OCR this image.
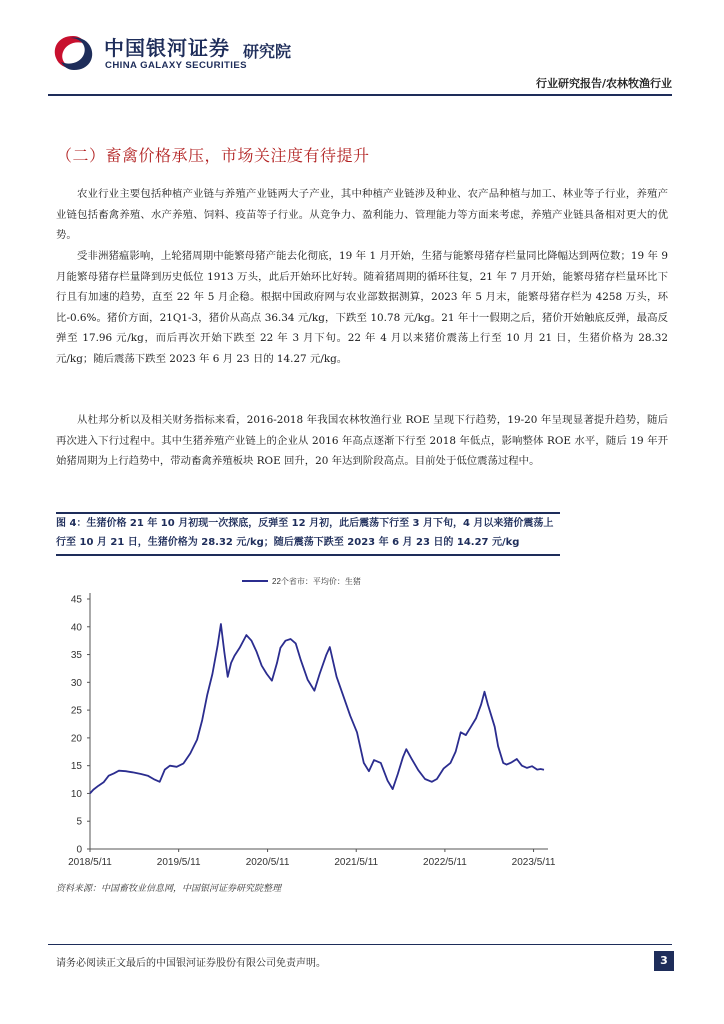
中国银河证券
CHINA GALAXY SECURITIES
研究院
行业研究报告/农林牧渔行业
（二）畜禽价格承压，市场关注度有待提升

农业行业主要包括种植产业链与养殖产业链两大子产业，其中种植产业链涉及种业、农产品种植与加工、林业等子行业，养殖产业链包括畜禽养殖、水产养殖、饲料、疫苗等子行业。从竞争力、盈利能力、管理能力等方面来考虑，养殖产业链具备相对更大的优势。

受非洲猪瘟影响，上轮猪周期中能繁母猪产能去化彻底，19 年 1 月开始，生猪与能繁母猪存栏量同比降幅达到两位数；19 年 9 月能繁母猪存栏量降到历史低位 1913 万头，此后开始环比好转。随着猪周期的循环往复，21 年 7 月开始，能繁母猪存栏量环比下行且有加速的趋势，直至 22 年 5 月企稳。根据中国政府网与农业部数据测算，2023 年 5 月末，能繁母猪存栏为 4258 万头，环比-0.6%。猪价方面，21Q1-3，猪价从高点 36.34 元/kg，下跌至 10.78 元/kg。21 年十一假期之后，猪价开始触底反弹，最高反弹至 17.96 元/kg，而后再次开始下跌至 22 年 3 月下旬。22 年 4 月以来猪价震荡上行至 10 月 21 日，生猪价格为 28.32 元/kg；随后震荡下跌至 2023 年 6 月 23 日的 14.27 元/kg。

从杜邦分析以及相关财务指标来看，2016-2018 年我国农林牧渔行业 ROE 呈现下行趋势，19-20 年呈现显著提升趋势，随后再次进入下行过程中。其中生猪养殖产业链上的企业从 2016 年高点逐渐下行至 2018 年低点，影响整体 ROE 水平，随后 19 年开始猪周期为上行趋势中，带动畜禽养殖板块 ROE 回升，20 年达到阶段高点。目前处于低位震荡过程中。

图 4：生猪价格 21 年 10 月初现一次探底，反弹至 12 月初，此后震荡下行至 3 月下旬，4 月以来猪价震荡上行至 10 月 21 日，生猪价格为 28.32 元/kg；随后震荡下跌至 2023 年 6 月 23 日的 14.27 元/kg
22个省市：平均价：生猪
0
5
10
15
20
25
30
35
40
45
2018/5/11	2019/5/11	2020/5/11	2021/5/11	2022/5/11	2023/5/11
资料来源：中国畜牧业信息网，中国银河证券研究院整理
请务必阅读正文最后的中国银河证券股份有限公司免责声明。	3
